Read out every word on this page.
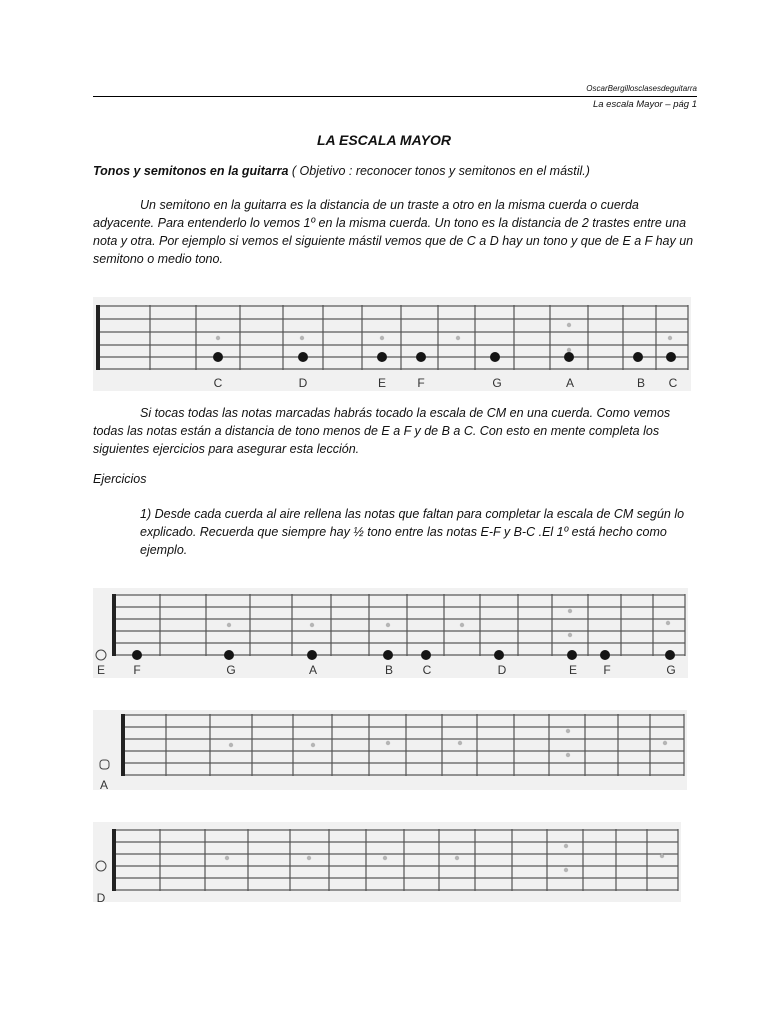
OscarBergillosclasesdeguitarra
La escala Mayor – pág 1
LA ESCALA MAYOR
Tonos y semitonos en la guitarra ( Objetivo : reconocer tonos y semitonos en el mástil.)

Un semitono en la guitarra es la distancia de un traste a otro en la misma cuerda o cuerda adyacente. Para entenderlo lo vemos 1º en la misma cuerda. Un tono es la distancia de 2 trastes entre una nota y otra. Por ejemplo si vemos el siguiente mástil vemos que de C a D hay un tono y que de E a F hay un semitono o medio tono.

C	D	E	F	G	A	B C
E F	G	A	B C	D	E F	G
A
D

Si tocas todas las notas marcadas habrás tocado la escala de CM en una cuerda. Como vemos todas las notas están a distancia de tono menos de E a F y de B a C. Con esto en mente completa los siguientes ejercicios para asegurar esta lección.

Ejercicios

1) Desde cada cuerda al aire rellena las notas que faltan para completar la escala de CM según lo explicado. Recuerda que siempre hay ½ tono entre las notas E-F y B-C .El 1º está hecho como ejemplo.
